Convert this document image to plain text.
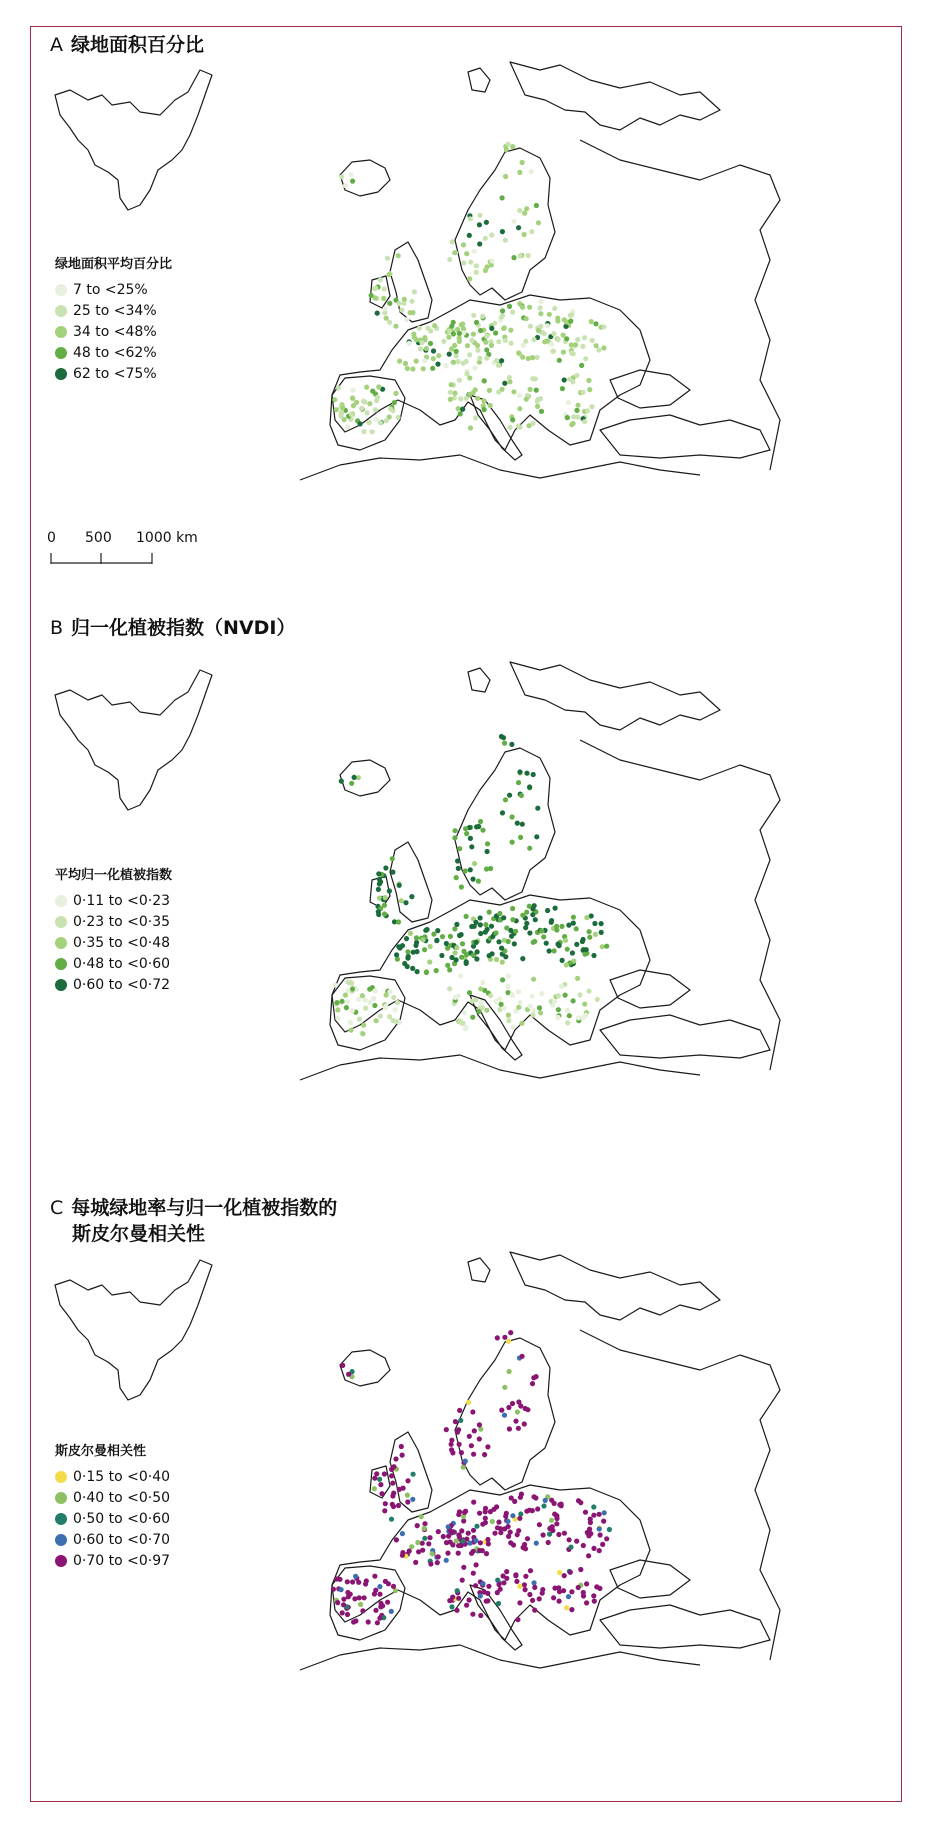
A 绿地面积百分比
绿地面积平均百分比
7 to <25%
25 to <34%
34 to <48%
48 to <62%
62 to <75%
0 500 1000 km
B 归一化植被指数（NVDI）
平均归一化植被指数
0·11 to <0·23
0·23 to <0·35
0·35 to <0·48
0·48 to <0·60
0·60 to <0·72
C 每城绿地率与归一化植被指数的
斯皮尔曼相关性
斯皮尔曼相关性
0·15 to <0·40
0·40 to <0·50
0·50 to <0·60
0·60 to <0·70
0·70 to <0·97
